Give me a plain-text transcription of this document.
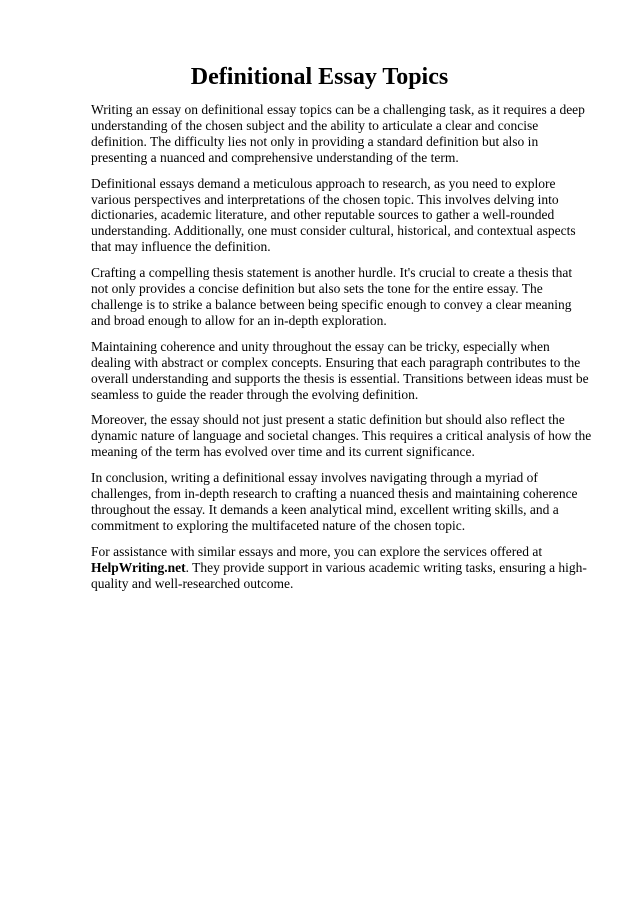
Definitional Essay Topics

Writing an essay on definitional essay topics can be a challenging task, as it requires a deep understanding of the chosen subject and the ability to articulate a clear and concise definition. The difficulty lies not only in providing a standard definition but also in presenting a nuanced and comprehensive understanding of the term.

Definitional essays demand a meticulous approach to research, as you need to explore various perspectives and interpretations of the chosen topic. This involves delving into dictionaries, academic literature, and other reputable sources to gather a well-rounded understanding. Additionally, one must consider cultural, historical, and contextual aspects that may influence the definition.

Crafting a compelling thesis statement is another hurdle. It's crucial to create a thesis that not only provides a concise definition but also sets the tone for the entire essay. The challenge is to strike a balance between being specific enough to convey a clear meaning and broad enough to allow for an in-depth exploration.

Maintaining coherence and unity throughout the essay can be tricky, especially when dealing with abstract or complex concepts. Ensuring that each paragraph contributes to the overall understanding and supports the thesis is essential. Transitions between ideas must be seamless to guide the reader through the evolving definition.

Moreover, the essay should not just present a static definition but should also reflect the dynamic nature of language and societal changes. This requires a critical analysis of how the meaning of the term has evolved over time and its current significance.

In conclusion, writing a definitional essay involves navigating through a myriad of challenges, from in-depth research to crafting a nuanced thesis and maintaining coherence throughout the essay. It demands a keen analytical mind, excellent writing skills, and a commitment to exploring the multifaceted nature of the chosen topic.

For assistance with similar essays and more, you can explore the services offered at HelpWriting.net. They provide support in various academic writing tasks, ensuring a high-quality and well-researched outcome.
